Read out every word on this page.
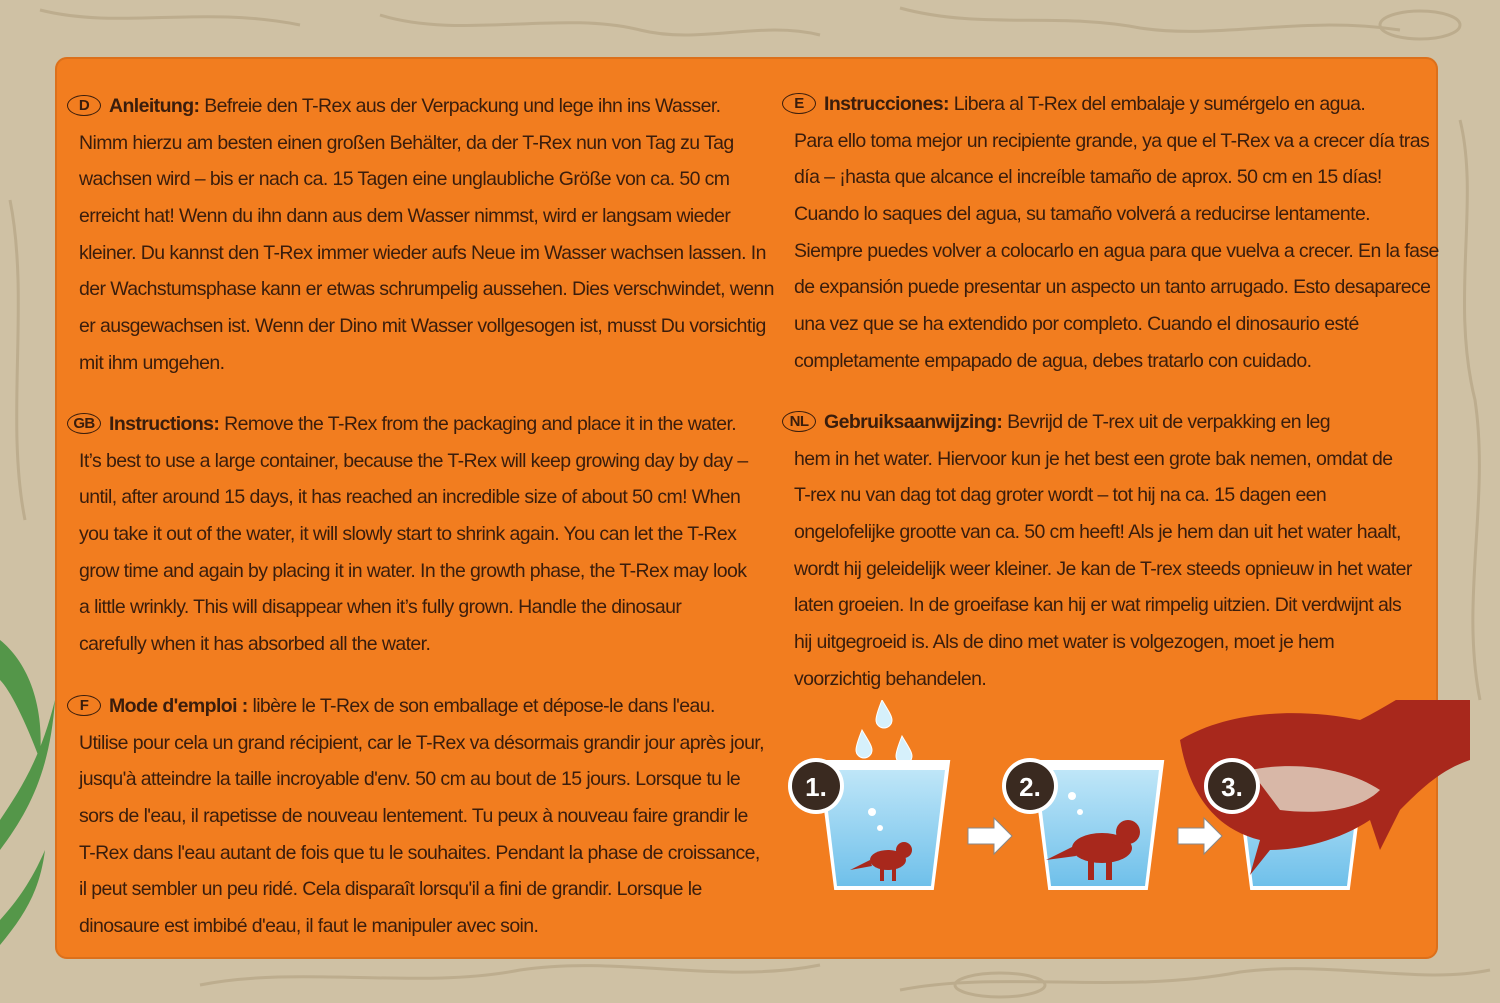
D Anleitung: Befreie den T-Rex aus der Verpackung und lege ihn ins Wasser.
Nimm hierzu am besten einen großen Behälter, da der T-Rex nun von Tag zu Tag
wachsen wird – bis er nach ca. 15 Tagen eine unglaubliche Größe von ca. 50 cm
erreicht hat! Wenn du ihn dann aus dem Wasser nimmst, wird er langsam wieder
kleiner. Du kannst den T-Rex immer wieder aufs Neue im Wasser wachsen lassen. In
der Wachstumsphase kann er etwas schrumpelig aussehen. Dies verschwindet, wenn
er ausgewachsen ist. Wenn der Dino mit Wasser vollgesogen ist, musst Du vorsichtig
mit ihm umgehen.
GB Instructions: Remove the T-Rex from the packaging and place it in the water.
It’s best to use a large container, because the T-Rex will keep growing day by day –
until, after around 15 days, it has reached an incredible size of about 50 cm! When
you take it out of the water, it will slowly start to shrink again. You can let the T-Rex
grow time and again by placing it in water. In the growth phase, the T-Rex may look
a little wrinkly. This will disappear when it’s fully grown. Handle the dinosaur
carefully when it has absorbed all the water.
F Mode d'emploi : libère le T-Rex de son emballage et dépose-le dans l'eau.
Utilise pour cela un grand récipient, car le T-Rex va désormais grandir jour après jour,
jusqu'à atteindre la taille incroyable d'env. 50 cm au bout de 15 jours. Lorsque tu le
sors de l'eau, il rapetisse de nouveau lentement. Tu peux à nouveau faire grandir le
T-Rex dans l'eau autant de fois que tu le souhaites. Pendant la phase de croissance,
il peut sembler un peu ridé. Cela disparaît lorsqu'il a fini de grandir. Lorsque le
dinosaure est imbibé d'eau, il faut le manipuler avec soin.
E Instrucciones: Libera al T-Rex del embalaje y sumérgelo en agua.
Para ello toma mejor un recipiente grande, ya que el T-Rex va a crecer día tras
día – ¡hasta que alcance el increíble tamaño de aprox. 50 cm en 15 días!
Cuando lo saques del agua, su tamaño volverá a reducirse lentamente.
Siempre puedes volver a colocarlo en agua para que vuelva a crecer. En la fase
de expansión puede presentar un aspecto un tanto arrugado. Esto desaparece
una vez que se ha extendido por completo. Cuando el dinosaurio esté
completamente empapado de agua, debes tratarlo con cuidado.
NL Gebruiksaanwijzing: Bevrijd de T-rex uit de verpakking en leg
hem in het water. Hiervoor kun je het best een grote bak nemen, omdat de
T-rex nu van dag tot dag groter wordt – tot hij na ca. 15 dagen een
ongelofelijke grootte van ca. 50 cm heeft! Als je hem dan uit het water haalt,
wordt hij geleidelijk weer kleiner. Je kan de T-rex steeds opnieuw in het water
laten groeien. In de groeifase kan hij er wat rimpelig uitzien. Dit verdwijnt als
hij uitgegroeid is. Als de dino met water is volgezogen, moet je hem
voorzichtig behandelen.
1.	2.	3.
